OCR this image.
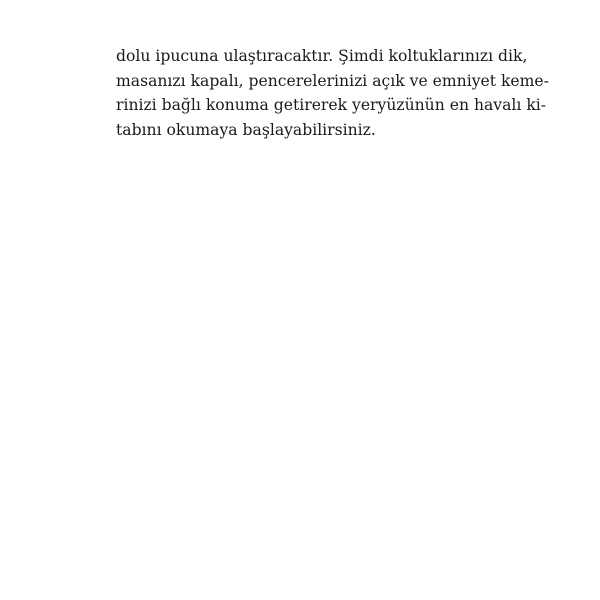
dolu ipucuna ulaştıracaktır. Şimdi koltuklarınızı dik,
masanızı kapalı, pencerelerinizi açık ve emniyet keme-
rinizi bağlı konuma getirerek yeryüzünün en havalı ki-
tabını okumaya başlayabilirsiniz.
